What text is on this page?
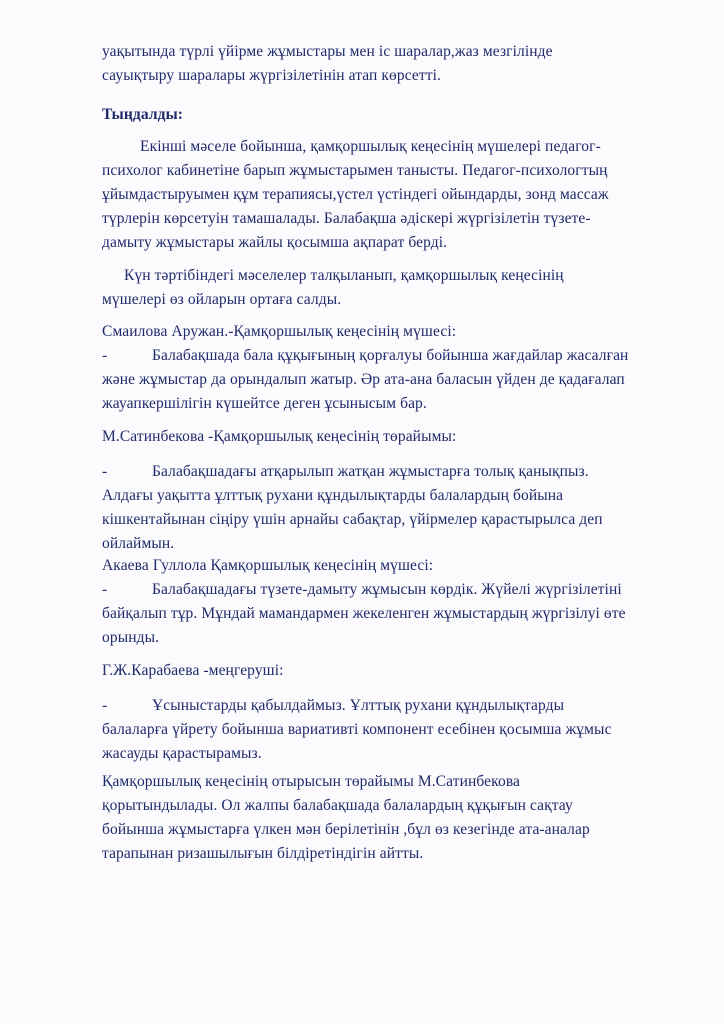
уақытында түрлі үйірме жұмыстары мен іс шаралар,жаз мезгілінде
сауықтыру шаралары жүргізілетінін атап көрсетті.
Тыңдалды:
Екінші мәселе бойынша, қамқоршылық кеңесінің мүшелері педагог-
психолог кабинетіне барып жұмыстарымен танысты. Педагог-психологтың
ұйымдастыруымен құм терапиясы,үстел үстіндегі ойындарды, зонд массаж
түрлерін көрсетуін тамашалады. Балабақша әдіскері жүргізілетін түзете-
дамыту жұмыстары жайлы қосымша ақпарат берді.
Күн тәртібіндегі мәселелер талқыланып, қамқоршылық кеңесінің
мүшелері өз ойларын ортаға салды.
Смаилова Аружан.-Қамқоршылық кеңесінің мүшесі:
-	Балабақшада бала құқығының қорғалуы бойынша жағдайлар жасалған
және жұмыстар да орындалып жатыр. Әр ата-ана баласын үйден де қадағалап
жауапкершілігін күшейтсе деген ұсынысым бар.
М.Сатинбекова -Қамқоршылық кеңесінің төрайымы:
-	Балабақшадағы атқарылып жатқан жұмыстарға толық қанықпыз.
Алдағы уақытта ұлттық рухани құндылықтарды балалардың бойына
кішкентайынан сіңіру үшін арнайы сабақтар, үйірмелер қарастырылса деп
ойлаймын.
Акаева Гуллола Қамқоршылық кеңесінің мүшесі:
-	Балабақшадағы түзете-дамыту жұмысын көрдік. Жүйелі жүргізілетіні
байқалып тұр. Мұндай мамандармен жекеленген жұмыстардың жүргізілуі өте
орынды.
Г.Ж.Карабаева -меңгеруші:
-	Ұсыныстарды қабылдаймыз. Ұлттық рухани құндылықтарды
балаларға үйрету бойынша вариативті компонент есебінен қосымша жұмыс
жасауды қарастырамыз.
Қамқоршылық кеңесінің отырысын төрайымы М.Сатинбекова
қорытындылады. Ол жалпы балабақшада балалардың құқығын сақтау
бойынша жұмыстарға үлкен мән берілетінін ,бұл өз кезегінде ата-аналар
тарапынан ризашылығын білдіретіндігін айтты.
